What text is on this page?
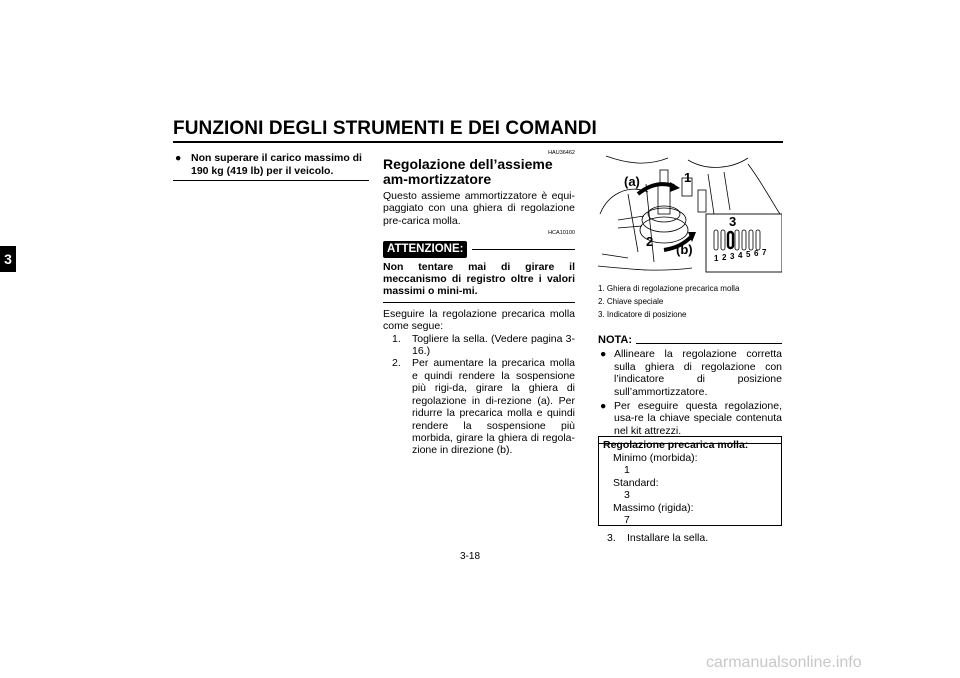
FUNZIONI DEGLI STRUMENTI E DEI COMANDI
3
● Non superare il carico massimo di 190 kg (419 lb) per il veicolo.
HAU36462
Regolazione dell’assieme am-mortizzatore
Questo assieme ammortizzatore è equi-paggiato con una ghiera di regolazione pre-carica molla.
HCA10100
ATTENZIONE:
Non tentare mai di girare il meccanismo di registro oltre i valori massimi o mini-mi.
Eseguire la regolazione precarica molla come segue:
1.	Togliere la sella. (Vedere pagina 3-16.)
2.	Per aumentare la precarica molla e quindi rendere la sospensione più rigi-da, girare la ghiera di regolazione in di-rezione (a). Per ridurre la precarica molla e quindi rendere la sospensione più morbida, girare la ghiera di regola-zione in direzione (b).
(a)	1
2
(b)
3
1 2 3 4 5 6 7
1. Ghiera di regolazione precarica molla
2. Chiave speciale
3. Indicatore di posizione
NOTA:
● Allineare la regolazione corretta sulla ghiera di regolazione con l’indicatore di posizione sull’ammortizzatore.
● Per eseguire questa regolazione, usa-re la chiave speciale contenuta nel kit attrezzi.
Regolazione precarica molla:
Minimo (morbida):
1
Standard:
3
Massimo (rigida):
7
3.	Installare la sella.
3-18
carmanualsonline.info
